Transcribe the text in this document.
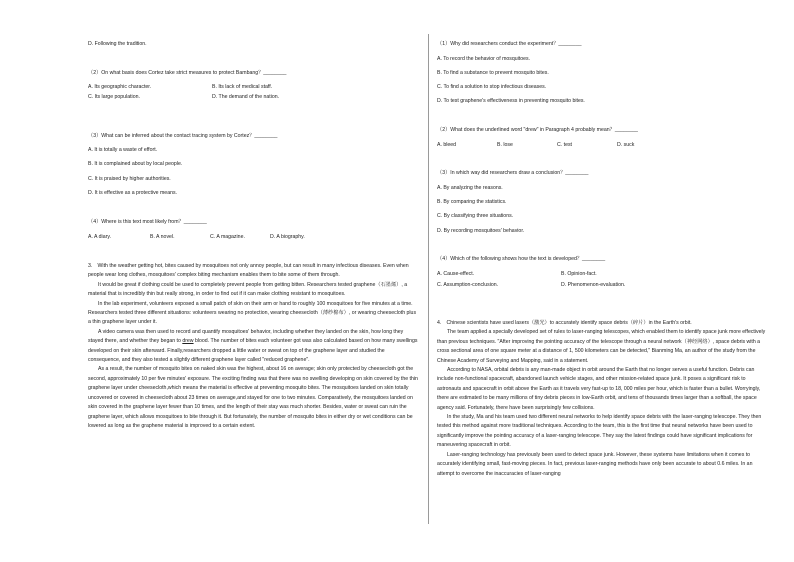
D. Following the tradition.
（2）On what basis does Cortez take strict measures to protect Bambang？________
A. Its geographic character.	B. Its lack of medical staff.
C. Its large population.	D. The demand of the nation.
（3）What can be inferred about the contact tracing system by Cortez？________
A. It is totally a waste of effort.
B. It is complained about by local people.
C. It is praised by higher authorities.
D. It is effective as a protective means.
（4）Where is this text most likely from？________
A. A diary.	B. A novel.	C. A magazine.	D. A biography.

3.　With the weather getting hot, bites caused by mosquitoes not only annoy people, but can result in many infectious diseases. Even when people wear long clothes, mosquitoes' complex biting mechanism enables them to bite some of them through.

It would be great if clothing could be used to completely prevent people from getting bitten. Researchers tested graphene（石墨烯）, a material that is incredibly thin but really strong, in order to find out if it can make clothing resistant to mosquitoes.

In the lab experiment, volunteers exposed a small patch of skin on their arm or hand to roughly 100 mosquitoes for five minutes at a time. Researchers tested three different situations: volunteers wearing no protection, wearing cheesecloth（薄纱棉布）, or wearing cheesecloth plus a thin graphene layer under it.

A video camera was then used to record and quantify mosquitoes' behavior, including whether they landed on the skin, how long they stayed there, and whether they began to drew blood. The number of bites each volunteer got was also calculated based on how many swellings developed on their skin afterward. Finally,researchers dropped a little water or sweat on top of the graphene layer and studied the consequence, and they also tested a slightly different graphene layer called "reduced graphene".

As a result, the number of mosquito bites on naked skin was the highest, about 16 on average; skin only protected by cheesecloth got the second, approximately 10 per five minutes' exposure. The exciting finding was that there was no swelling developing on skin covered by the thin graphene layer under cheesecloth,which means the material is effective at preventing mosquito bites. The mosquitoes landed on skin totally uncovered or covered in cheesecloth about 23 times on average,and stayed for one to two minutes. Comparatively, the mosquitoes landed on skin covered in the graphene layer fewer than 10 times, and the length of their stay was much shorter. Besides, water or sweat can ruin the graphene layer, which allows mosquitoes to bite through it. But fortunately, the number of mosquito bites in either dry or wet conditions can be lowered as long as the graphene material is improved to a certain extent.

（1）Why did researchers conduct the experiment？________
A. To record the behavior of mosquitoes.
B. To find a substance to prevent mosquito bites.
C. To find a solution to stop infectious diseases.
D. To test graphene's effectiveness in preventing mosquito bites.
（2）What does the underlined word "drew" in Paragraph 4 probably mean？________
A. bleed	B. lose	C. test	D. suck
（3）In which way did researchers draw a conclusion？________
A. By analyzing the reasons.
B. By comparing the statistics.
C. By classifying three situations.
D. By recording mosquitoes' behavior.
（4）Which of the following shows how the text is developed？________
A. Cause-effect.	B. Opinion-fact.
C. Assumption-conclusion.	D. Phenomenon-evaluation.

4.　Chinese scientists have used lasers（激光）to accurately identify space debris（碎片）in the Earth's orbit.

The team applied a specially developed set of rules to laser-ranging telescopes, which enabled them to identify space junk more effectively than previous techniques. "After improving the pointing accuracy of the telescope through a neural network（神经网络）, space debris with a cross sectional area of one square meter at a distance of 1, 500 kilometers can be detected," Bianming Ma, an author of the study from the Chinese Academy of Surveying and Mapping, said in a statement.

According to NASA, orbital debris is any man-made object in orbit around the Earth that no longer serves a useful function. Debris can include non-functional spacecraft, abandoned launch vehicle stages, and other mission-related space junk. It poses a significant risk to astronauts and spacecraft in orbit above the Earth as it travels very fast-up to 18, 000 miles per hour, which is faster than a bullet. Worryingly, there are estimated to be many millions of tiny debris pieces in low-Earth orbit, and tens of thousands times larger than a softball, the space agency said. Fortunately, there have been surprisingly few collisions.

In the study, Ma and his team used two different neural networks to help identify space debris with the laser-ranging telescope. They then tested this method against more traditional techniques. According to the team, this is the first time that neural networks have been used to significantly improve the pointing accuracy of a laser-ranging telescope. They say the latest findings could have significant implications for maneuvering spacecraft in orbit.

Laser-ranging technology has previously been used to detect space junk. However, these systems have limitations when it comes to accurately identifying small, fast-moving pieces. In fact, previous laser-ranging methods have only been accurate to about 0.6 miles. In an attempt to overcome the inaccuracies of laser-ranging
